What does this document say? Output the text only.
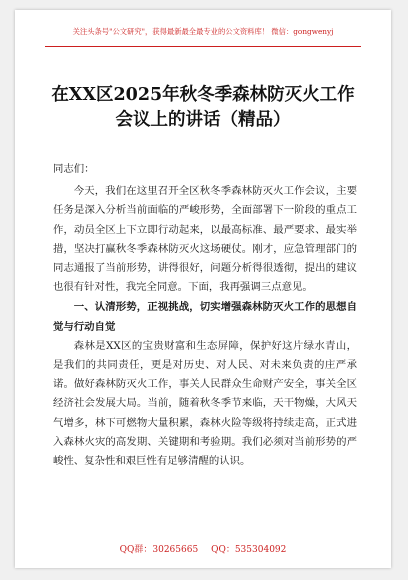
关注头条号"公文研究"，获得最新最全最专业的公文资料库！ 微信：gongwenyj
在XX区2025年秋冬季森林防灭火工作会议上的讲话（精品）

同志们：

今天，我们在这里召开全区秋冬季森林防灭火工作会议，主要任务是深入分析当前面临的严峻形势，全面部署下一阶段的重点工作，动员全区上下立即行动起来，以最高标准、最严要求、最实举措，坚决打赢秋冬季森林防灭火这场硬仗。刚才，应急管理部门的同志通报了当前形势，讲得很好，问题分析得很透彻，提出的建议也很有针对性，我完全同意。下面，我再强调三点意见。

一、认清形势，正视挑战，切实增强森林防灭火工作的思想自觉与行动自觉

森林是XX区的宝贵财富和生态屏障，保护好这片绿水青山，是我们的共同责任，更是对历史、对人民、对未来负责的庄严承诺。做好森林防灭火工作，事关人民群众生命财产安全，事关全区经济社会发展大局。当前，随着秋冬季节来临，天干物燥，大风天气增多，林下可燃物大量积累，森林火险等级将持续走高，正式进入森林火灾的高发期、关键期和考验期。我们必须对当前形势的严峻性、复杂性和艰巨性有足够清醒的认识。

QQ群：30265665 QQ：535304092
